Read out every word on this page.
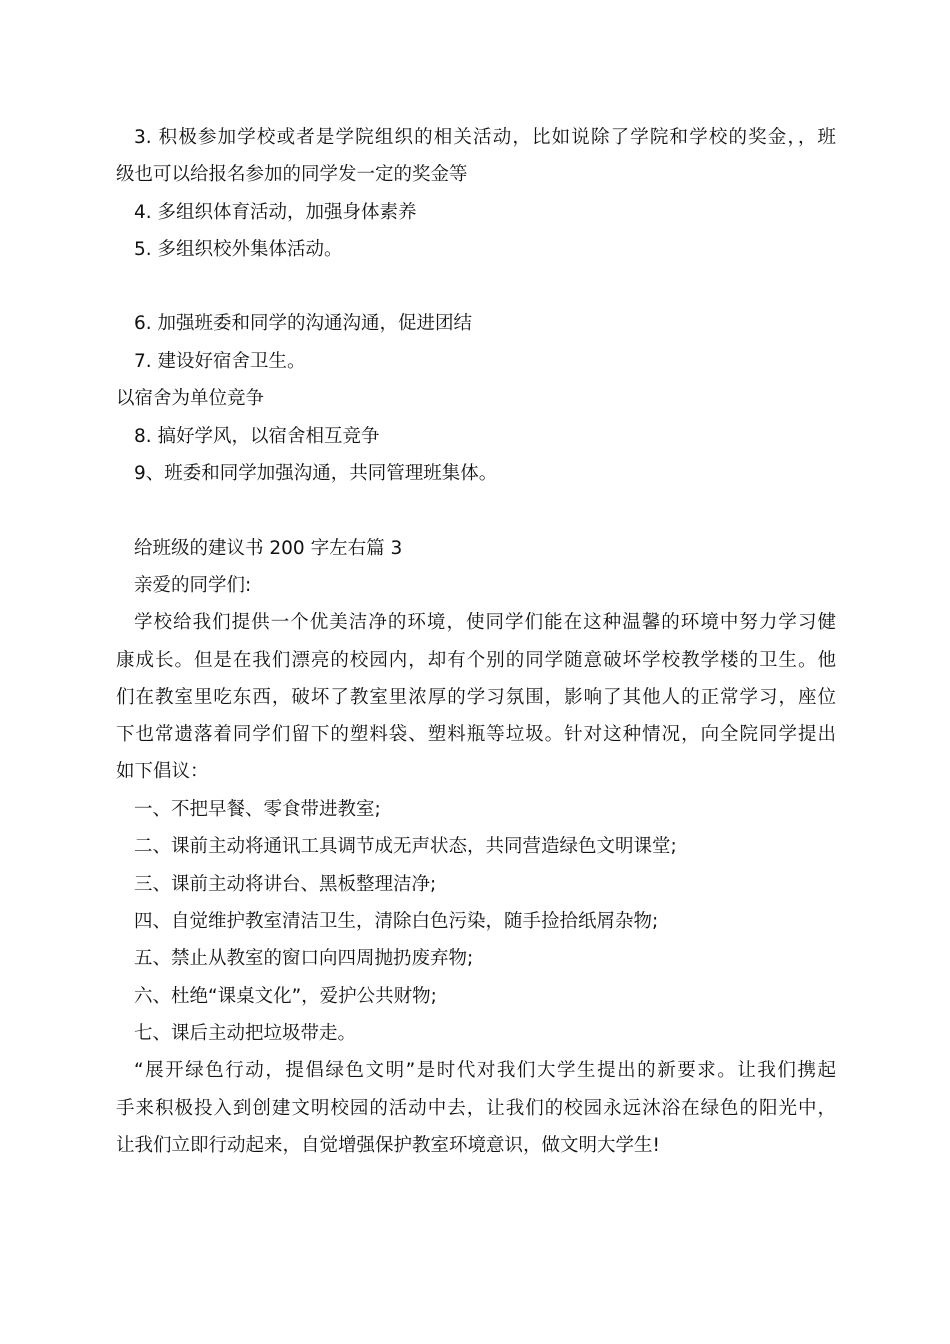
3. 积极参加学校或者是学院组织的相关活动，比如说除了学院和学校的奖金，，班
级也可以给报名参加的同学发一定的奖金等
4. 多组织体育活动，加强身体素养
5. 多组织校外集体活动。
6. 加强班委和同学的沟通沟通，促进团结
7. 建设好宿舍卫生。
以宿舍为单位竞争
8. 搞好学风，以宿舍相互竞争
9、班委和同学加强沟通，共同管理班集体。
给班级的建议书 200 字左右篇 3
亲爱的同学们:
学校给我们提供一个优美洁净的环境，使同学们能在这种温馨的环境中努力学习健
康成长。但是在我们漂亮的校园内，却有个别的同学随意破坏学校教学楼的卫生。他
们在教室里吃东西，破坏了教室里浓厚的学习氛围，影响了其他人的正常学习，座位
下也常遗落着同学们留下的塑料袋、塑料瓶等垃圾。针对这种情况，向全院同学提出
如下倡议：
一、不把早餐、零食带进教室;
二、课前主动将通讯工具调节成无声状态，共同营造绿色文明课堂;
三、课前主动将讲台、黑板整理洁净;
四、自觉维护教室清洁卫生，清除白色污染，随手捡拾纸屑杂物;
五、禁止从教室的窗口向四周抛扔废弃物;
六、杜绝“课桌文化”，爱护公共财物;
七、课后主动把垃圾带走。
“展开绿色行动，提倡绿色文明”是时代对我们大学生提出的新要求。让我们携起
手来积极投入到创建文明校园的活动中去，让我们的校园永远沐浴在绿色的阳光中，
让我们立即行动起来，自觉增强保护教室环境意识，做文明大学生!
